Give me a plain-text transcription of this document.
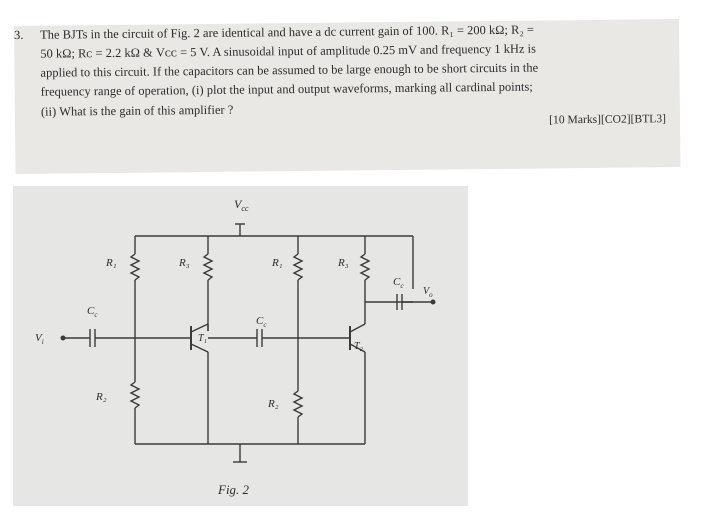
3. The BJTs in the circuit of Fig. 2 are identical and have a dc current gain of 100. R₁ = 200 kΩ; R₂ =
50 kΩ; Rᴄ = 2.2 kΩ & Vᴄᴄ = 5 V. A sinusoidal input of amplitude 0.25 mV and frequency 1 kHz is
applied to this circuit. If the capacitors can be assumed to be large enough to be short circuits in the
frequency range of operation, (i) plot the input and output waveforms, marking all cardinal points;
(ii) What is the gain of this amplifier ?
[10 Marks][CO2][BTL3]
$V_{cc}$
$V_i$
$V_o$
R₁	R₃	R₁	R₃
R₂
R₂
$C_c$	$C_c$
$C_c$
T₁
T₂
Fig. 2
